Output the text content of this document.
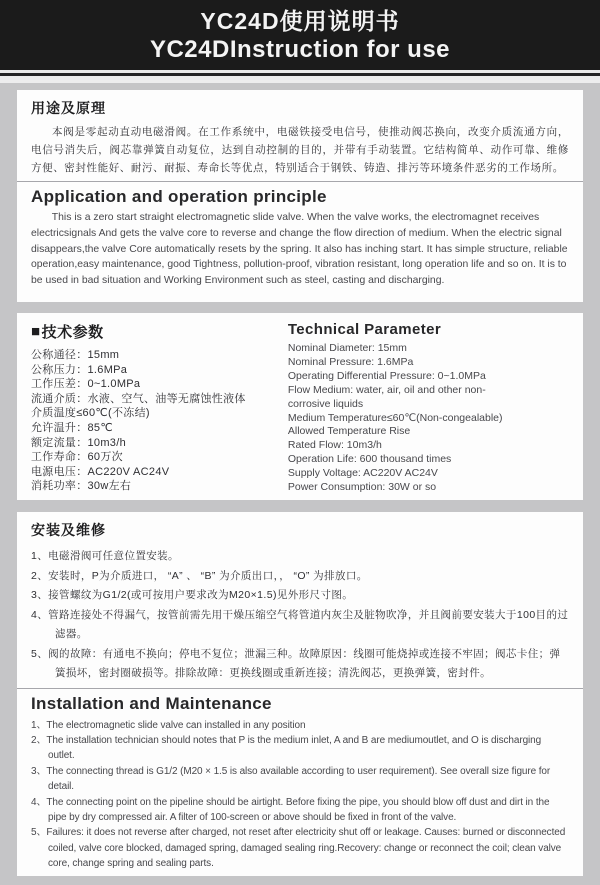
YC24D使用说明书
YC24DInstruction for use
用途及原理

本阀是零起动直动电磁滑阀。在工作系统中，电磁铁接受电信号，使推动阀芯换向，改变介质流通方向，电信号消失后，阀芯靠弹簧自动复位，达到自动控制的目的，并带有手动装置。它结构简单、动作可靠、维修方便、密封性能好、耐污、耐振、寿命长等优点，特别适合于钢铁、铸造、排污等环境条件恶劣的工作场所。

Application and operation principle

This is a zero start straight electromagnetic slide valve. When the valve works, the electromagnet receives electricsignals And gets the valve core to reverse and change the flow direction of medium. When the electric signal disappears,the valve Core automatically resets by the spring. It also has inching start. It has simple structure, reliable operation,easy maintenance, good Tightness, pollution-proof, vibration resistant, long operation life and so on. It is to be used in bad situation and Working Environment such as steel, casting and discharging.

■ 技术参数
公称通径：15mm
公称压力：1.6MPa
工作压差：0~1.0MPa
流通介质：水液、空气、油等无腐蚀性液体
介质温度≤60℃(不冻结)
允许温升：85℃
额定流量：10m3/h
工作寿命：60万次
电源电压：AC220V AC24V
消耗功率：30w左右
Technical Parameter
Nominal Diameter: 15mm
Nominal Pressure: 1.6MPa
Operating Differential Pressure: 0~1.0MPa
Flow Medium: water, air, oil and other non-
corrosive liquids
Medium Temperature≤60℃(Non-congealable)
Allowed Temperature Rise
Rated Flow: 10m3/h
Operation Life: 600 thousand times
Supply Voltage: AC220V AC24V
Power Consumption: 30W or so
安装及维修
1、电磁滑阀可任意位置安装。
2、安装时，P为介质进口， “A” 、 “B” 为介质出口，， “O” 为排放口。
3、接管螺纹为G1/2(或可按用户要求改为M20×1.5)见外形尺寸图。
4、管路连接处不得漏气，按管前需先用干燥压缩空气将管道内灰尘及脏物吹净，并且阀前要安装大于100目的过滤器。
5、阀的故障：有通电不换向；停电不复位；泄漏三种。故障原因：线圈可能烧掉或连接不牢固；阀芯卡住；弹簧损坏，密封圈破损等。排除故障：更换线圈或重新连接；清洗阀芯，更换弹簧，密封件。
Installation and Maintenance
1、The electromagnetic slide valve can installed in any position
2、The installation technician should notes that P is the medium inlet, A and B are mediumoutlet, and O is discharging outlet.
3、The connecting thread is G1/2 (M20 × 1.5 is also available according to user requirement). See overall size figure for detail.
4、The connecting point on the pipeline should be airtight. Before fixing the pipe, you should blow off dust and dirt in the pipe by dry compressed air. A filter of 100-screen or above should be fixed in front of the valve.
5、Failures: it does not reverse after charged, not reset after electricity shut off or leakage. Causes: burned or disconnected coiled, valve core blocked, damaged spring, damaged sealing ring.Recovery: change or reconnect the coil; clean valve core, change spring and sealing parts.
